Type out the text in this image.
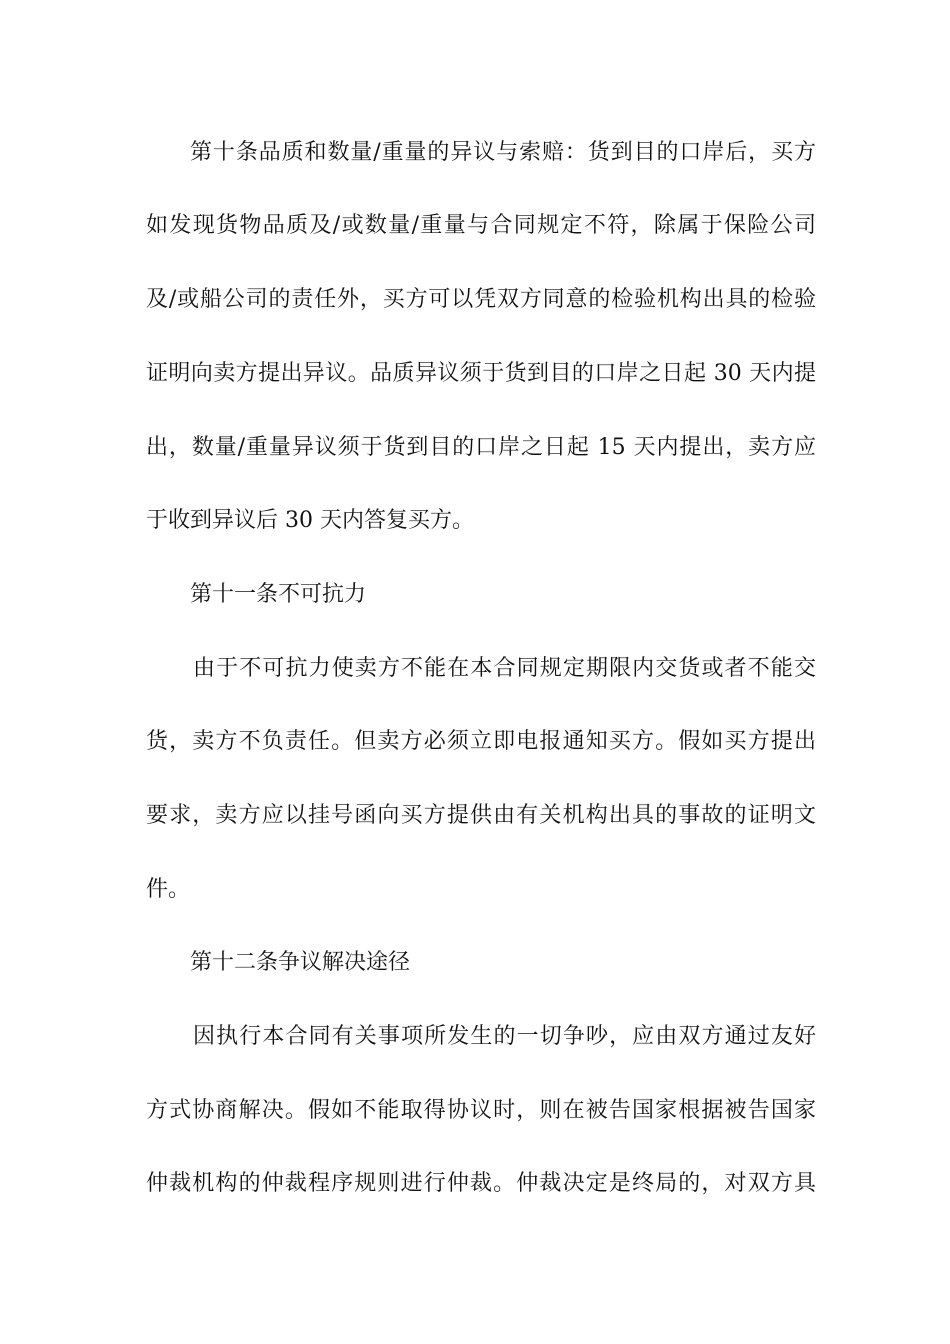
第十条品质和数量/重量的异议与索赔：货到目的口岸后，买方
如发现货物品质及/或数量/重量与合同规定不符，除属于保险公司
及/或船公司的责任外，买方可以凭双方同意的检验机构出具的检验
证明向卖方提出异议。品质异议须于货到目的口岸之日起 30 天内提
出，数量/重量异议须于货到目的口岸之日起 15 天内提出，卖方应
于收到异议后 30 天内答复买方。
第十一条不可抗力
由于不可抗力使卖方不能在本合同规定期限内交货或者不能交
货，卖方不负责任。但卖方必须立即电报通知买方。假如买方提出
要求，卖方应以挂号函向买方提供由有关机构出具的事故的证明文
件。
第十二条争议解决途径
因执行本合同有关事项所发生的一切争吵，应由双方通过友好
方式协商解决。假如不能取得协议时，则在被告国家根据被告国家
仲裁机构的仲裁程序规则进行仲裁。仲裁决定是终局的，对双方具
